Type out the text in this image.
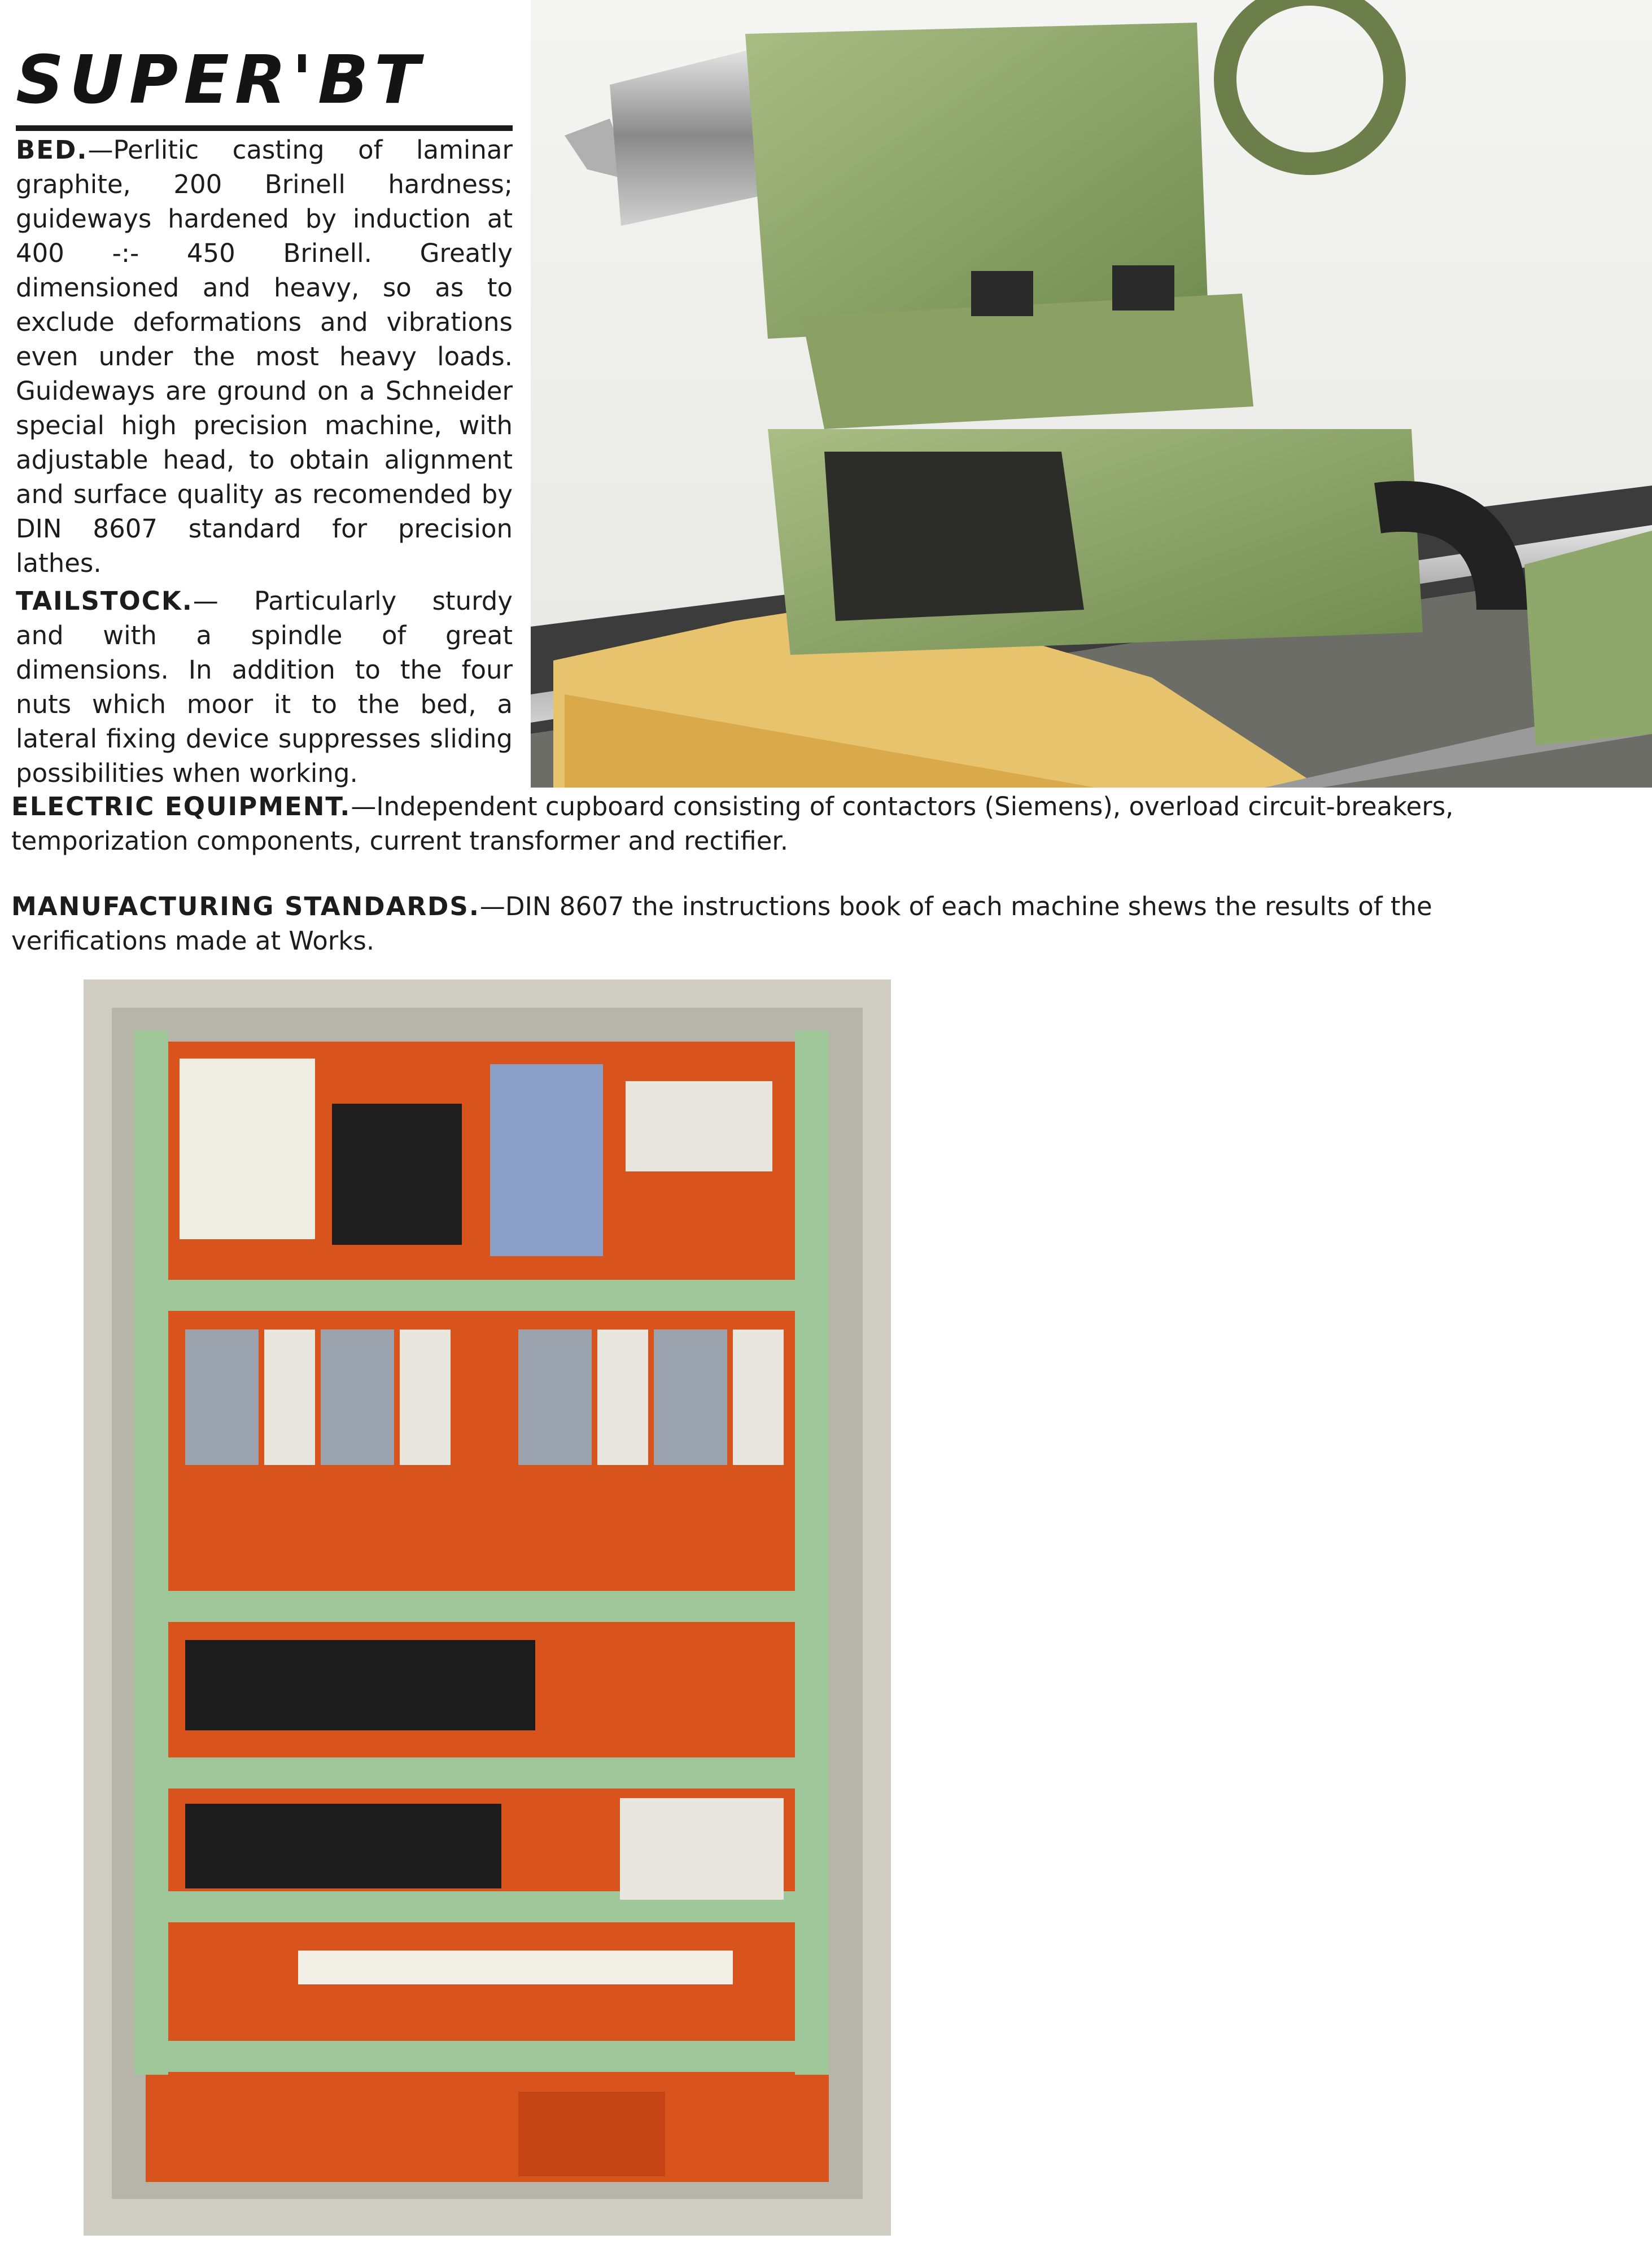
SUPER'BT

BED.—Perlitic casting of laminar graphite, 200 Brinell hardness; guideways hardened by induction at 400 -:- 450 Brinell. Greatly dimensioned and heavy, so as to exclude deformations and vibrations even under the most heavy loads. Guideways are ground on a Schneider special high precision machine, with adjustable head, to obtain alignment and surface quality as recomended by DIN 8607 standard for precision lathes.

TAILSTOCK.— Particularly sturdy and with a spindle of great dimensions. In addition to the four nuts which moor it to the bed, a lateral fixing device suppresses sliding possibilities when working.

ELECTRIC EQUIPMENT.—Independent cupboard consisting of contactors (Siemens), overload circuit-breakers, temporization components, current transformer and rectifier.
MANUFACTURING STANDARDS.—DIN 8607 the instructions book of each machine shews the results of the verifications made at Works.
